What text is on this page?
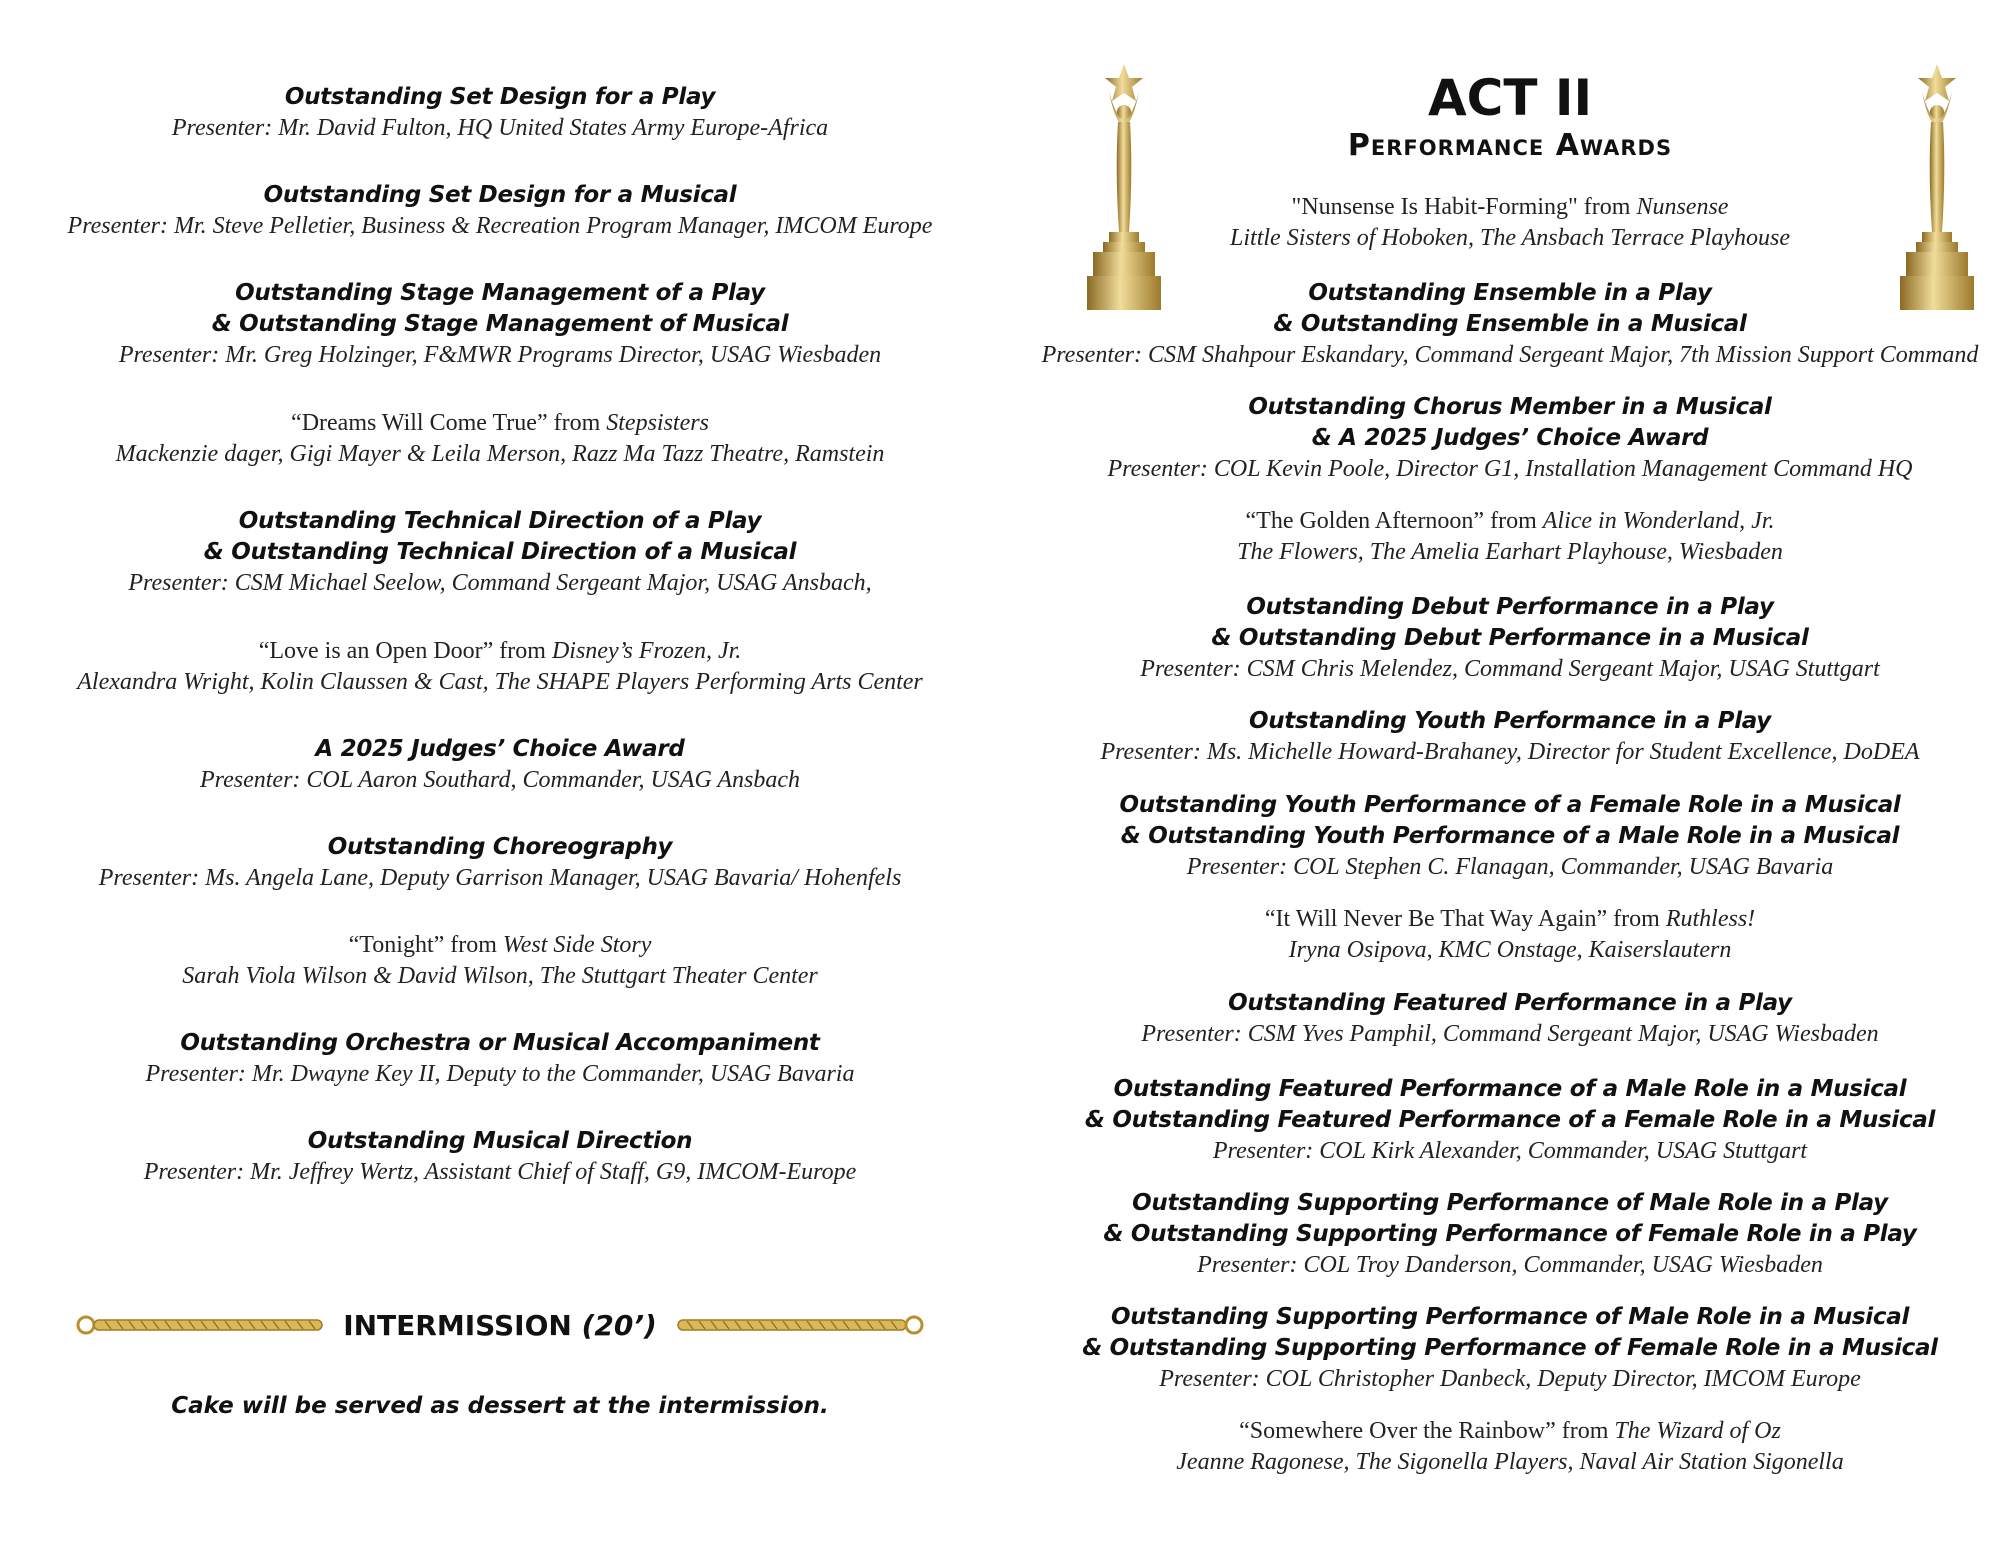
Outstanding Set Design for a Play
Presenter: Mr. David Fulton, HQ United States Army Europe-Africa
Outstanding Set Design for a Musical
Presenter: Mr. Steve Pelletier, Business & Recreation Program Manager, IMCOM Europe
Outstanding Stage Management of a Play
& Outstanding Stage Management of Musical
Presenter: Mr. Greg Holzinger, F&MWR Programs Director, USAG Wiesbaden
“Dreams Will Come True” from Stepsisters
Mackenzie dager, Gigi Mayer & Leila Merson, Razz Ma Tazz Theatre, Ramstein
Outstanding Technical Direction of a Play
& Outstanding Technical Direction of a Musical
Presenter: CSM Michael Seelow, Command Sergeant Major, USAG Ansbach,
“Love is an Open Door” from Disney’s Frozen, Jr.
Alexandra Wright, Kolin Claussen & Cast, The SHAPE Players Performing Arts Center
A 2025 Judges’ Choice Award
Presenter: COL Aaron Southard, Commander, USAG Ansbach
Outstanding Choreography
Presenter: Ms. Angela Lane, Deputy Garrison Manager, USAG Bavaria/ Hohenfels
“Tonight” from West Side Story
Sarah Viola Wilson & David Wilson, The Stuttgart Theater Center
Outstanding Orchestra or Musical Accompaniment
Presenter: Mr. Dwayne Key II, Deputy to the Commander, USAG Bavaria
Outstanding Musical Direction
Presenter: Mr. Jeffrey Wertz, Assistant Chief of Staff, G9, IMCOM-Europe
INTERMISSION (20’)
Cake will be served as dessert at the intermission.
ACT II
Performance Awards
"Nunsense Is Habit-Forming" from Nunsense
Little Sisters of Hoboken, The Ansbach Terrace Playhouse
Outstanding Ensemble in a Play
& Outstanding Ensemble in a Musical
Presenter: CSM Shahpour Eskandary, Command Sergeant Major, 7th Mission Support Command
Outstanding Chorus Member in a Musical
& A 2025 Judges’ Choice Award
Presenter: COL Kevin Poole, Director G1, Installation Management Command HQ
“The Golden Afternoon” from Alice in Wonderland, Jr.
The Flowers, The Amelia Earhart Playhouse, Wiesbaden
Outstanding Debut Performance in a Play
& Outstanding Debut Performance in a Musical
Presenter: CSM Chris Melendez, Command Sergeant Major, USAG Stuttgart
Outstanding Youth Performance in a Play
Presenter: Ms. Michelle Howard-Brahaney, Director for Student Excellence, DoDEA
Outstanding Youth Performance of a Female Role in a Musical
& Outstanding Youth Performance of a Male Role in a Musical
Presenter: COL Stephen C. Flanagan, Commander, USAG Bavaria
“It Will Never Be That Way Again” from Ruthless!
Iryna Osipova, KMC Onstage, Kaiserslautern
Outstanding Featured Performance in a Play
Presenter: CSM Yves Pamphil, Command Sergeant Major, USAG Wiesbaden
Outstanding Featured Performance of a Male Role in a Musical
& Outstanding Featured Performance of a Female Role in a Musical
Presenter: COL Kirk Alexander, Commander, USAG Stuttgart
Outstanding Supporting Performance of Male Role in a Play
& Outstanding Supporting Performance of Female Role in a Play
Presenter: COL Troy Danderson, Commander, USAG Wiesbaden
Outstanding Supporting Performance of Male Role in a Musical
& Outstanding Supporting Performance of Female Role in a Musical
Presenter: COL Christopher Danbeck, Deputy Director, IMCOM Europe
“Somewhere Over the Rainbow” from The Wizard of Oz
Jeanne Ragonese, The Sigonella Players, Naval Air Station Sigonella
